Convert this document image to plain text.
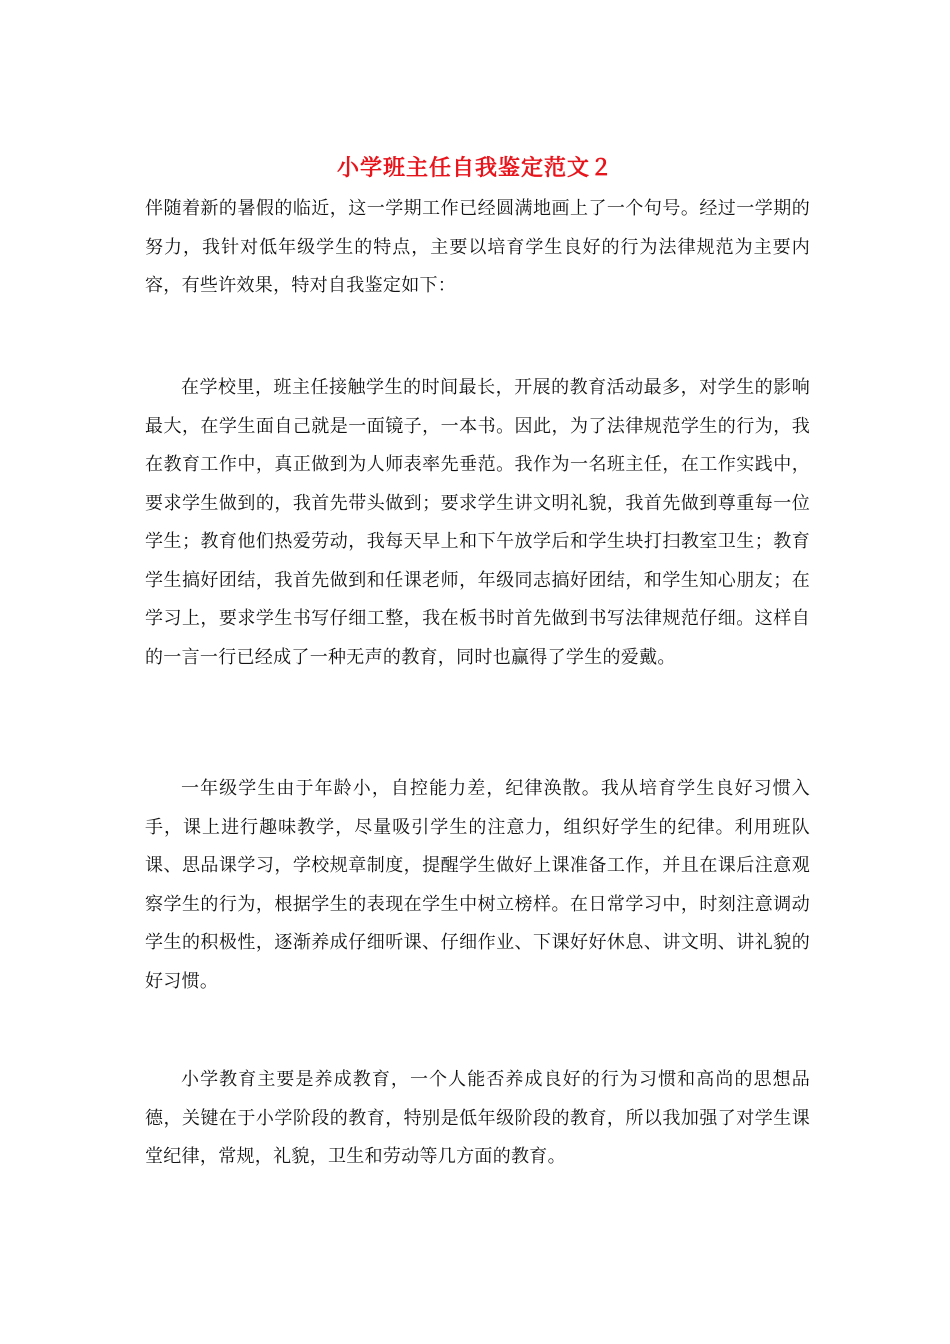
小学班主任自我鉴定范文２

伴随着新的暑假的临近，这一学期工作已经圆满地画上了一个句号。经过一学期的努力，我针对低年级学生的特点，主要以培育学生良好的行为法律规范为主要内容，有些许效果，特对自我鉴定如下：

在学校里，班主任接触学生的时间最长，开展的教育活动最多，对学生的影响最大，在学生面自己就是一面镜子，一本书。因此，为了法律规范学生的行为，我在教育工作中，真正做到为人师表率先垂范。我作为一名班主任，在工作实践中，要求学生做到的，我首先带头做到；要求学生讲文明礼貌，我首先做到尊重每一位学生；教育他们热爱劳动，我每天早上和下午放学后和学生块打扫教室卫生；教育学生搞好团结，我首先做到和任课老师，年级同志搞好团结，和学生知心朋友；在学习上，要求学生书写仔细工整，我在板书时首先做到书写法律规范仔细。这样自的一言一行已经成了一种无声的教育，同时也赢得了学生的爱戴。

一年级学生由于年龄小，自控能力差，纪律涣散。我从培育学生良好习惯入手，课上进行趣味教学，尽量吸引学生的注意力，组织好学生的纪律。利用班队课、思品课学习，学校规章制度，提醒学生做好上课准备工作，并且在课后注意观察学生的行为，根据学生的表现在学生中树立榜样。在日常学习中，时刻注意调动学生的积极性，逐渐养成仔细听课、仔细作业、下课好好休息、讲文明、讲礼貌的好习惯。

小学教育主要是养成教育，一个人能否养成良好的行为习惯和高尚的思想品德，关键在于小学阶段的教育，特别是低年级阶段的教育，所以我加强了对学生课堂纪律，常规，礼貌，卫生和劳动等几方面的教育。
